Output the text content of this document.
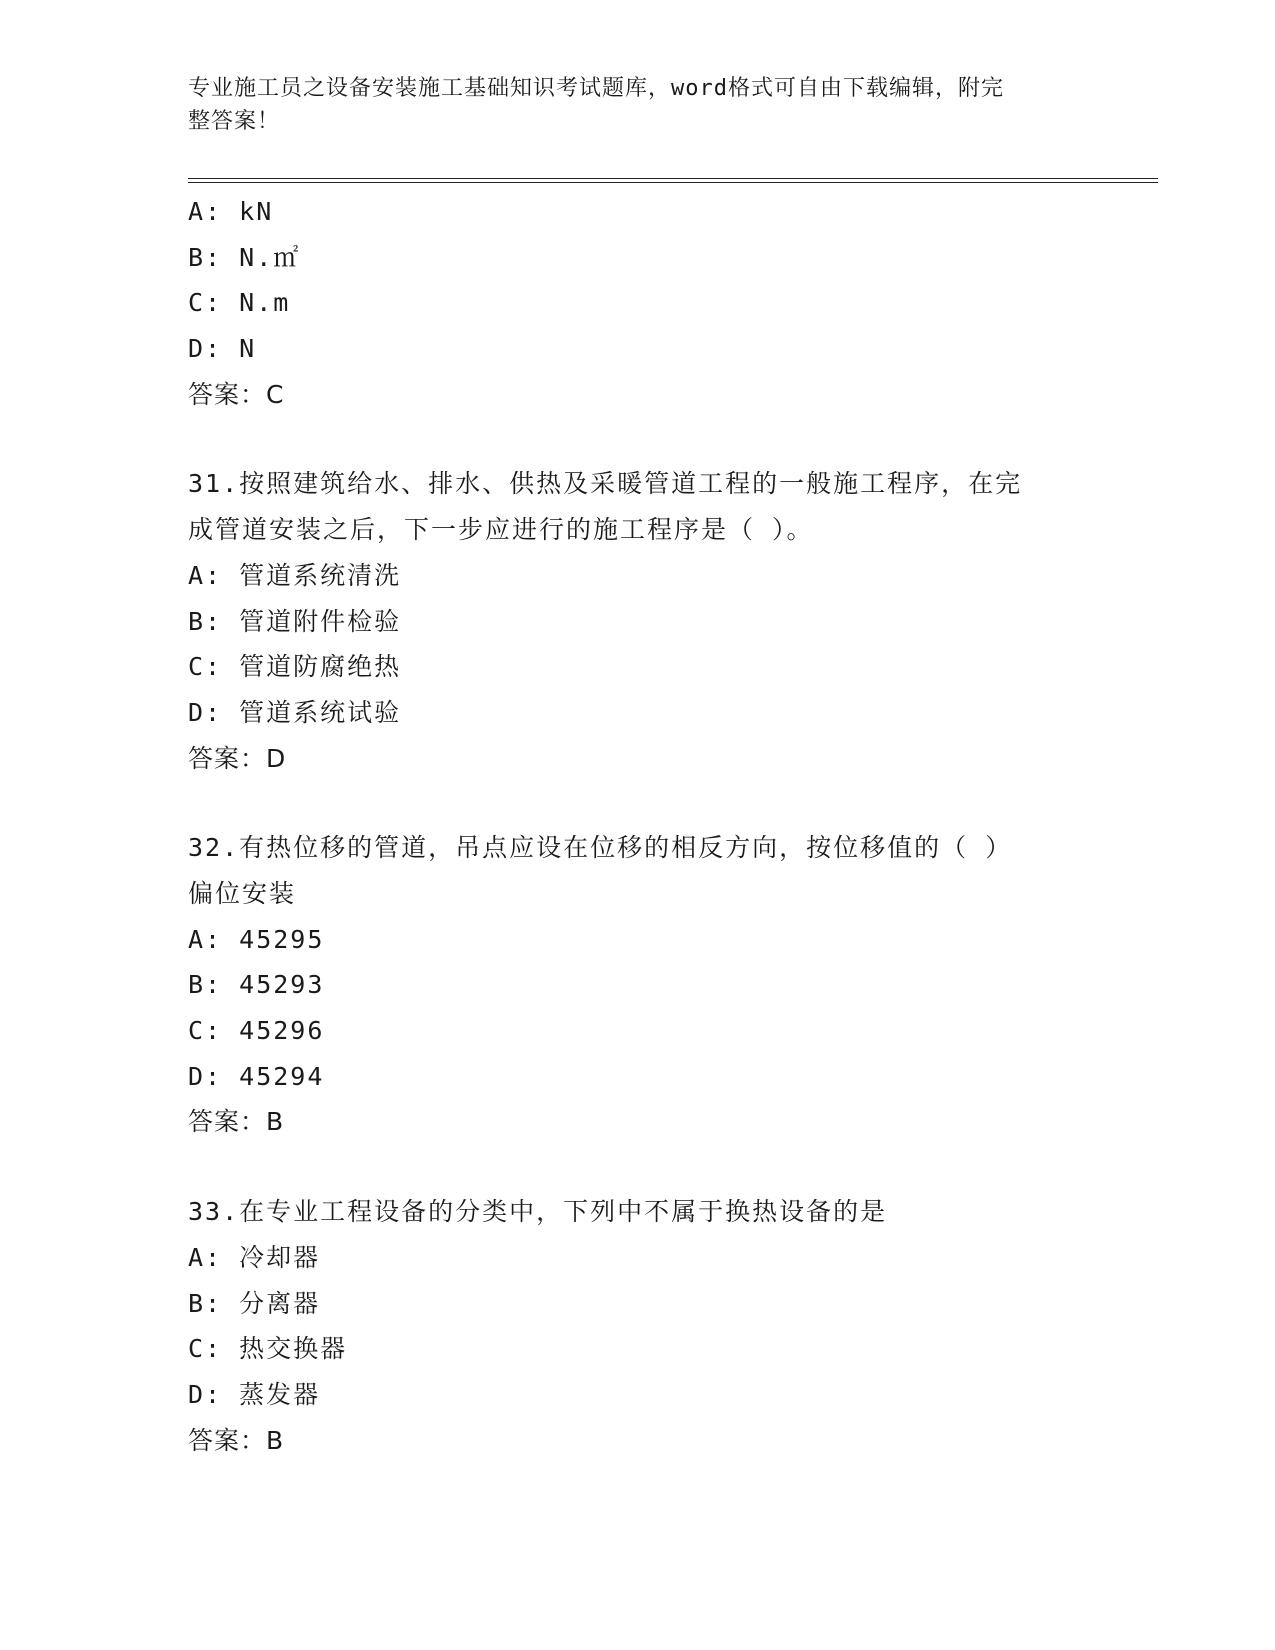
专业施工员之设备安装施工基础知识考试题库，word格式可自由下载编辑，附完
整答案！
A: kN
B: N.㎡
C: N.m
D: N
答案：C
31.按照建筑给水、排水、供热及采暖管道工程的一般施工程序，在完
成管道安装之后，下一步应进行的施工程序是（ ）。
A: 管道系统清洗
B: 管道附件检验
C: 管道防腐绝热
D: 管道系统试验
答案：D
32.有热位移的管道，吊点应设在位移的相反方向，按位移值的（ ）
偏位安装
A: 45295
B: 45293
C: 45296
D: 45294
答案：B
33.在专业工程设备的分类中，下列中不属于换热设备的是
A: 冷却器
B: 分离器
C: 热交换器
D: 蒸发器
答案：B
